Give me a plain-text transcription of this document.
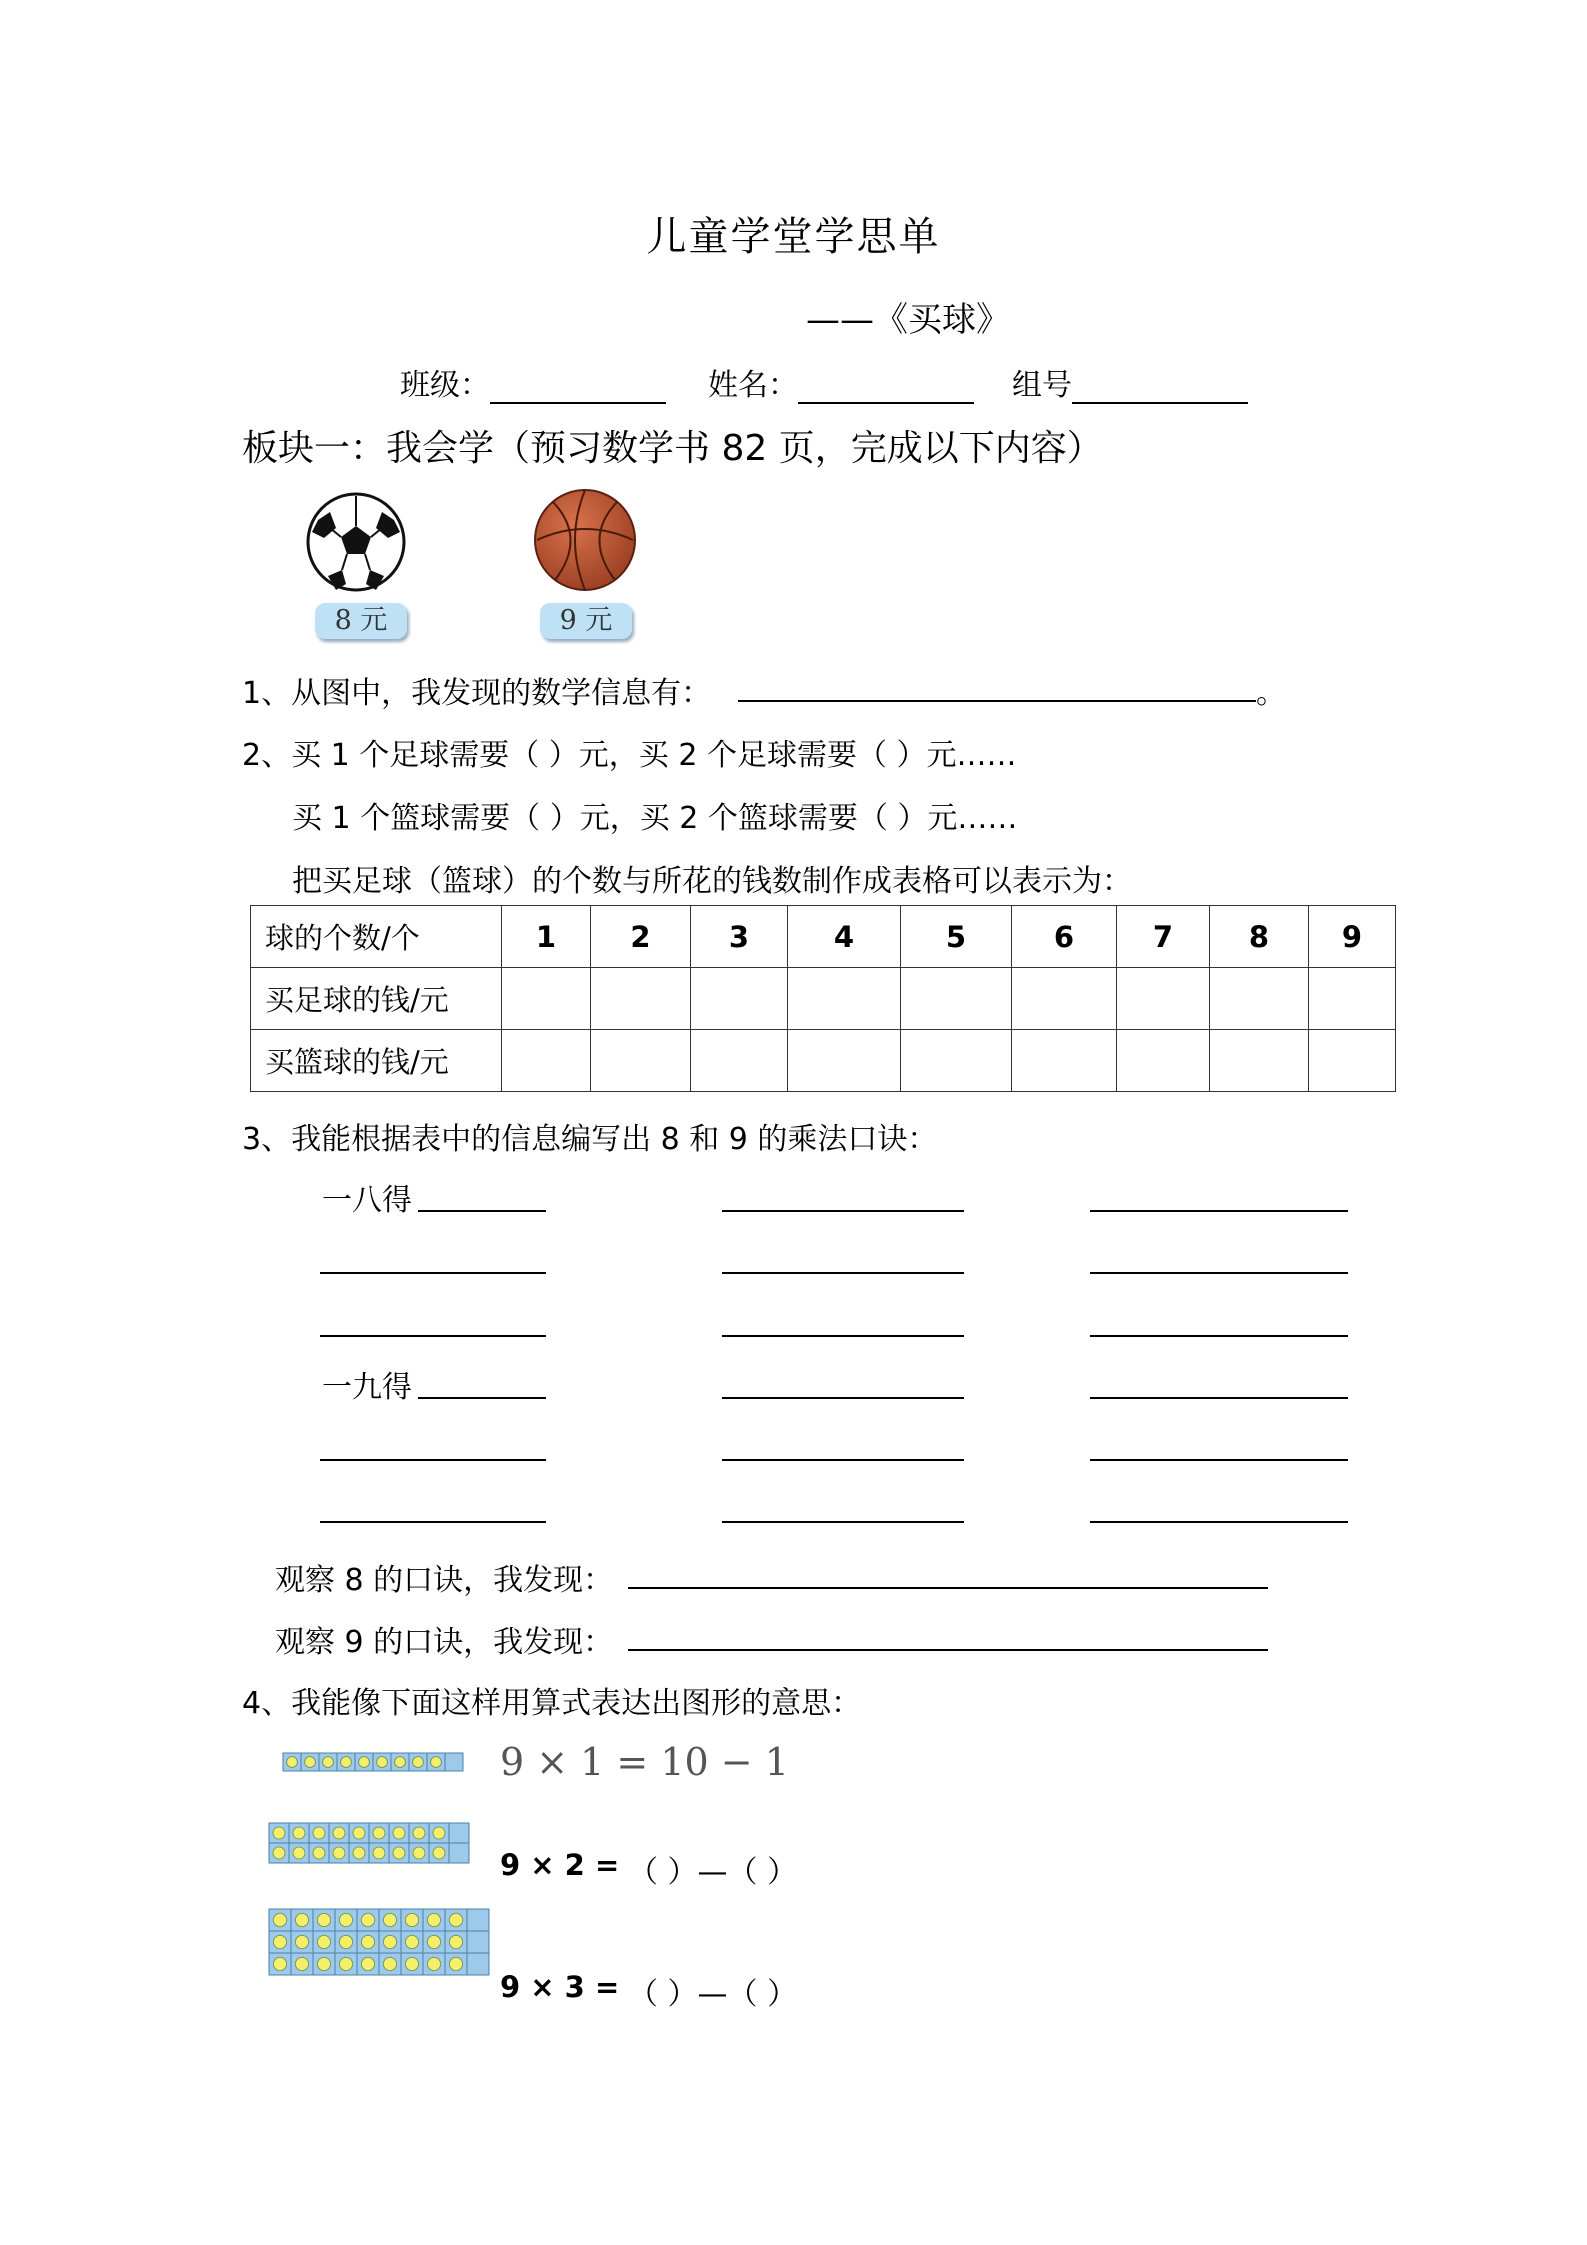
儿童学堂学思单
——《买球》
班级：	姓名：	组号
板块一：我会学（预习数学书 82 页，完成以下内容）
8 元	9 元
1、从图中，我发现的数学信息有：	。
2、买 1 个足球需要（ ）元，买 2 个足球需要（ ）元……
买 1 个篮球需要（ ）元，买 2 个篮球需要（ ）元……
把买足球（篮球）的个数与所花的钱数制作成表格可以表示为：
球的个数/个	1	2	3	4	5	6	7	8	9
买足球的钱/元									
买篮球的钱/元									
3、我能根据表中的信息编写出 8 和 9 的乘法口诀：
一八得
一九得
观察 8 的口诀，我发现：
观察 9 的口诀，我发现：
4、我能像下面这样用算式表达出图形的意思：
9 × 1 = 10 − 1
9 × 2 = （ ）—（ ）
9 × 3 = （ ）—（ ）
